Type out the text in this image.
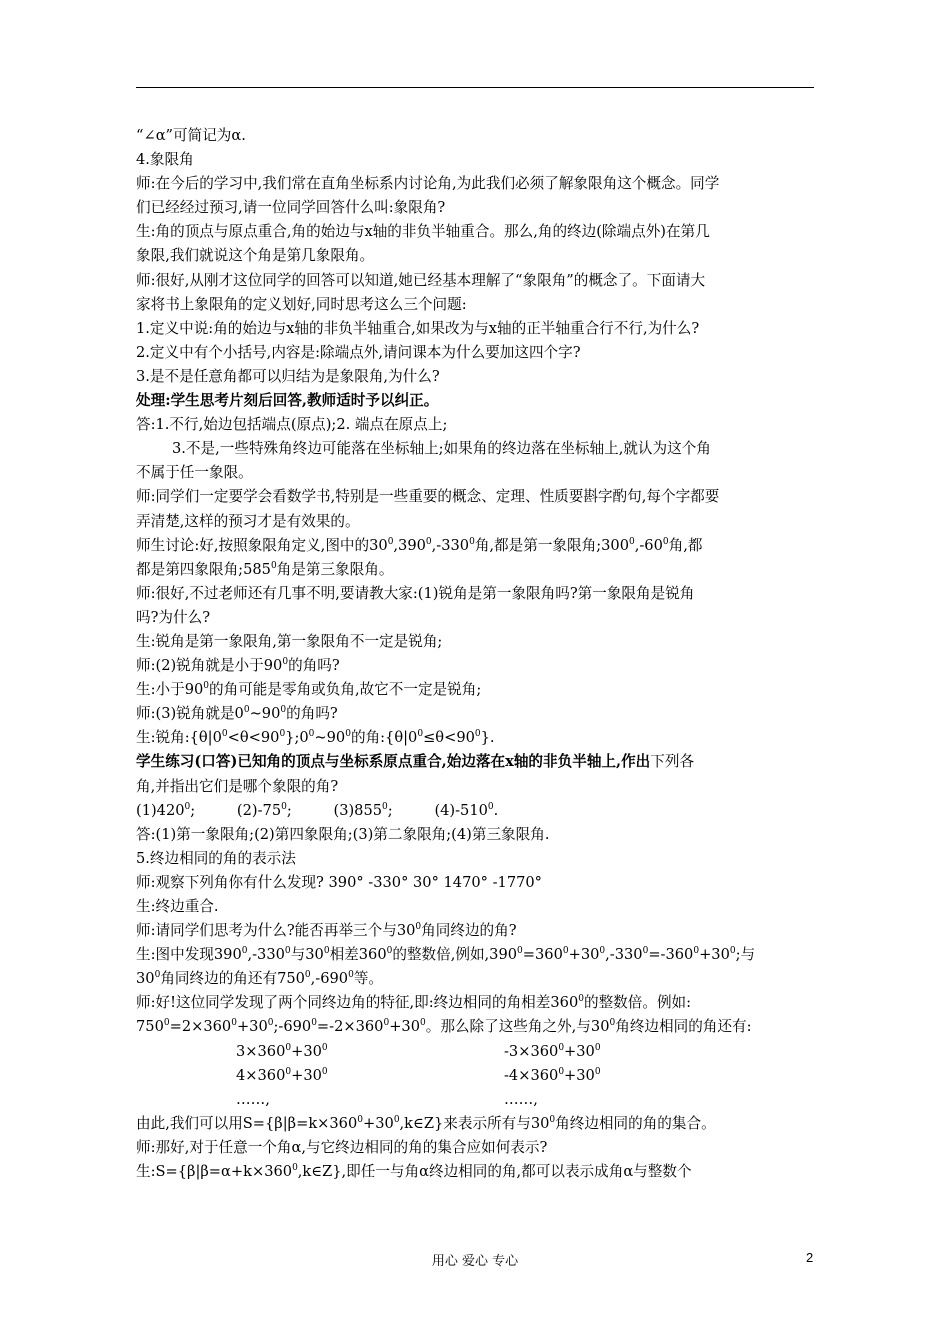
“∠α”可简记为α.
4.象限角
师:在今后的学习中,我们常在直角坐标系内讨论角,为此我们必须了解象限角这个概念。同学
们已经经过预习,请一位同学回答什么叫:象限角?
生:角的顶点与原点重合,角的始边与x轴的非负半轴重合。那么,角的终边(除端点外)在第几
象限,我们就说这个角是第几象限角。
师:很好,从刚才这位同学的回答可以知道,她已经基本理解了“象限角”的概念了。下面请大
家将书上象限角的定义划好,同时思考这么三个问题:
1.定义中说:角的始边与x轴的非负半轴重合,如果改为与x轴的正半轴重合行不行,为什么?
2.定义中有个小括号,内容是:除端点外,请问课本为什么要加这四个字?
3.是不是任意角都可以归结为是象限角,为什么?
处理:学生思考片刻后回答,教师适时予以纠正。
答:1.不行,始边包括端点(原点);2. 端点在原点上;
3.不是,一些特殊角终边可能落在坐标轴上;如果角的终边落在坐标轴上,就认为这个角
不属于任一象限。
师:同学们一定要学会看数学书,特别是一些重要的概念、定理、性质要斟字酌句,每个字都要
弄清楚,这样的预习才是有效果的。
师生讨论:好,按照象限角定义,图中的$30^0,390^0,-330^0$角,都是第一象限角$;300^0,-60^0$角,都
都是第四象限角$;585^0$角是第三象限角。
师:很好,不过老师还有几事不明,要请教大家:(1)锐角是第一象限角吗?第一象限角是锐角
吗?为什么?
生:锐角是第一象限角,第一象限角不一定是锐角;
师:(2)锐角就是小于$90^0$的角吗?
生:小于$90^0$的角可能是零角或负角,故它不一定是锐角;
师:(3)锐角就是$0^0\sim 90^0$的角吗?
生:锐角$:\{\theta|0^0<\theta<90^0\};0^0\sim 90^0$的角$:\{\theta|0^0\le\theta<90^0\}$.
学生练习(口答)已知角的顶点与坐标系原点重合,始边落在x轴的非负半轴上,作出下列各
角,并指出它们是哪个象限的角?
$(1)420^0$;         $(2)-75^0$;         $(3)855^0$;         $(4)-510^0$.
答:(1)第一象限角;(2)第四象限角;(3)第二象限角;(4)第三象限角.
5.终边相同的角的表示法
师:观察下列角你有什么发现? 390° -330° 30° 1470° -1770°
生:终边重合.
师:请同学们思考为什么?能否再举三个与$30^0$角同终边的角?
生:图中发现$390^0,-330^0$与$30^0$相差$360^0$的整数倍,例如$,390^0=360^0+30^0,-330^0=-360^0+30^0$;与
$30^0$角同终边的角还有$750^0,-690^0$等。
师:好!这位同学发现了两个同终边角的特征,即:终边相同的角相差$360^0$的整数倍。例如:
$750^0=2\times 360^0+30^0;-690^0=-2\times 360^0+30^0$。那么除了这些角之外,与$30^0$角终边相同的角还有:
$3\times 360^0+30^0$	$-3\times 360^0+30^0$
$4\times 360^0+30^0$	$-4\times 360^0+30^0$
……,	……,
由此,我们可以用$S=\{\beta|\beta=k\times 360^0+30^0,k\in Z\}$来表示所有与$30^0$角终边相同的角的集合。
师:那好,对于任意一个角α,与它终边相同的角的集合应如何表示?
生$:S=\{\beta|\beta=\alpha+k\times 360^0,k\in Z\}$,即任一与角α终边相同的角,都可以表示成角α与整数个
用心 爱心 专心	2
